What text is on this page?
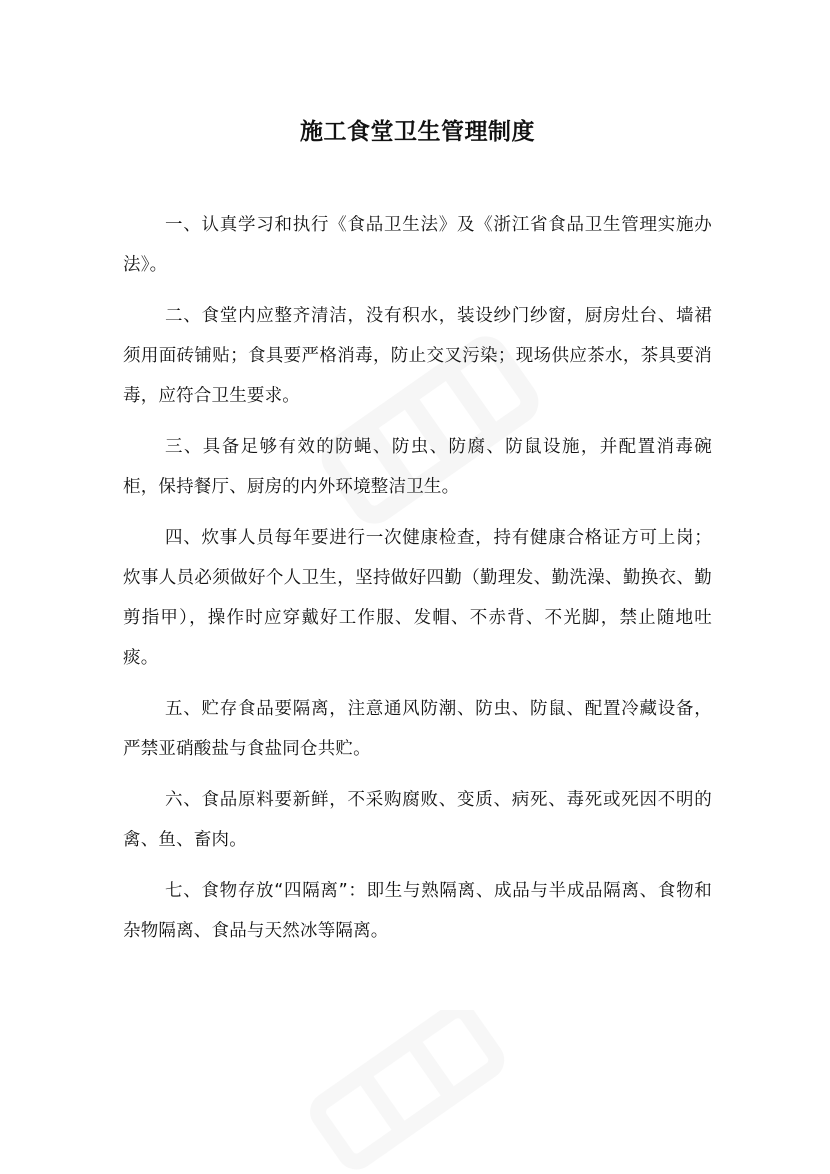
施工食堂卫生管理制度

一、认真学习和执行《食品卫生法》及《浙江省食品卫生管理实施办法》。

二、食堂内应整齐清洁，没有积水，装设纱门纱窗，厨房灶台、墙裙须用面砖铺贴；食具要严格消毒，防止交叉污染；现场供应茶水，茶具要消毒，应符合卫生要求。

三、具备足够有效的防蝇、防虫、防腐、防鼠设施，并配置消毒碗柜，保持餐厅、厨房的内外环境整洁卫生。

四、炊事人员每年要进行一次健康检查，持有健康合格证方可上岗；炊事人员必须做好个人卫生，坚持做好四勤（勤理发、勤洗澡、勤换衣、勤剪指甲），操作时应穿戴好工作服、发帽、不赤背、不光脚，禁止随地吐痰。

五、贮存食品要隔离，注意通风防潮、防虫、防鼠、配置冷藏设备，严禁亚硝酸盐与食盐同仓共贮。

六、食品原料要新鲜，不采购腐败、变质、病死、毒死或死因不明的禽、鱼、畜肉。

七、食物存放“四隔离”：即生与熟隔离、成品与半成品隔离、食物和杂物隔离、食品与天然冰等隔离。
